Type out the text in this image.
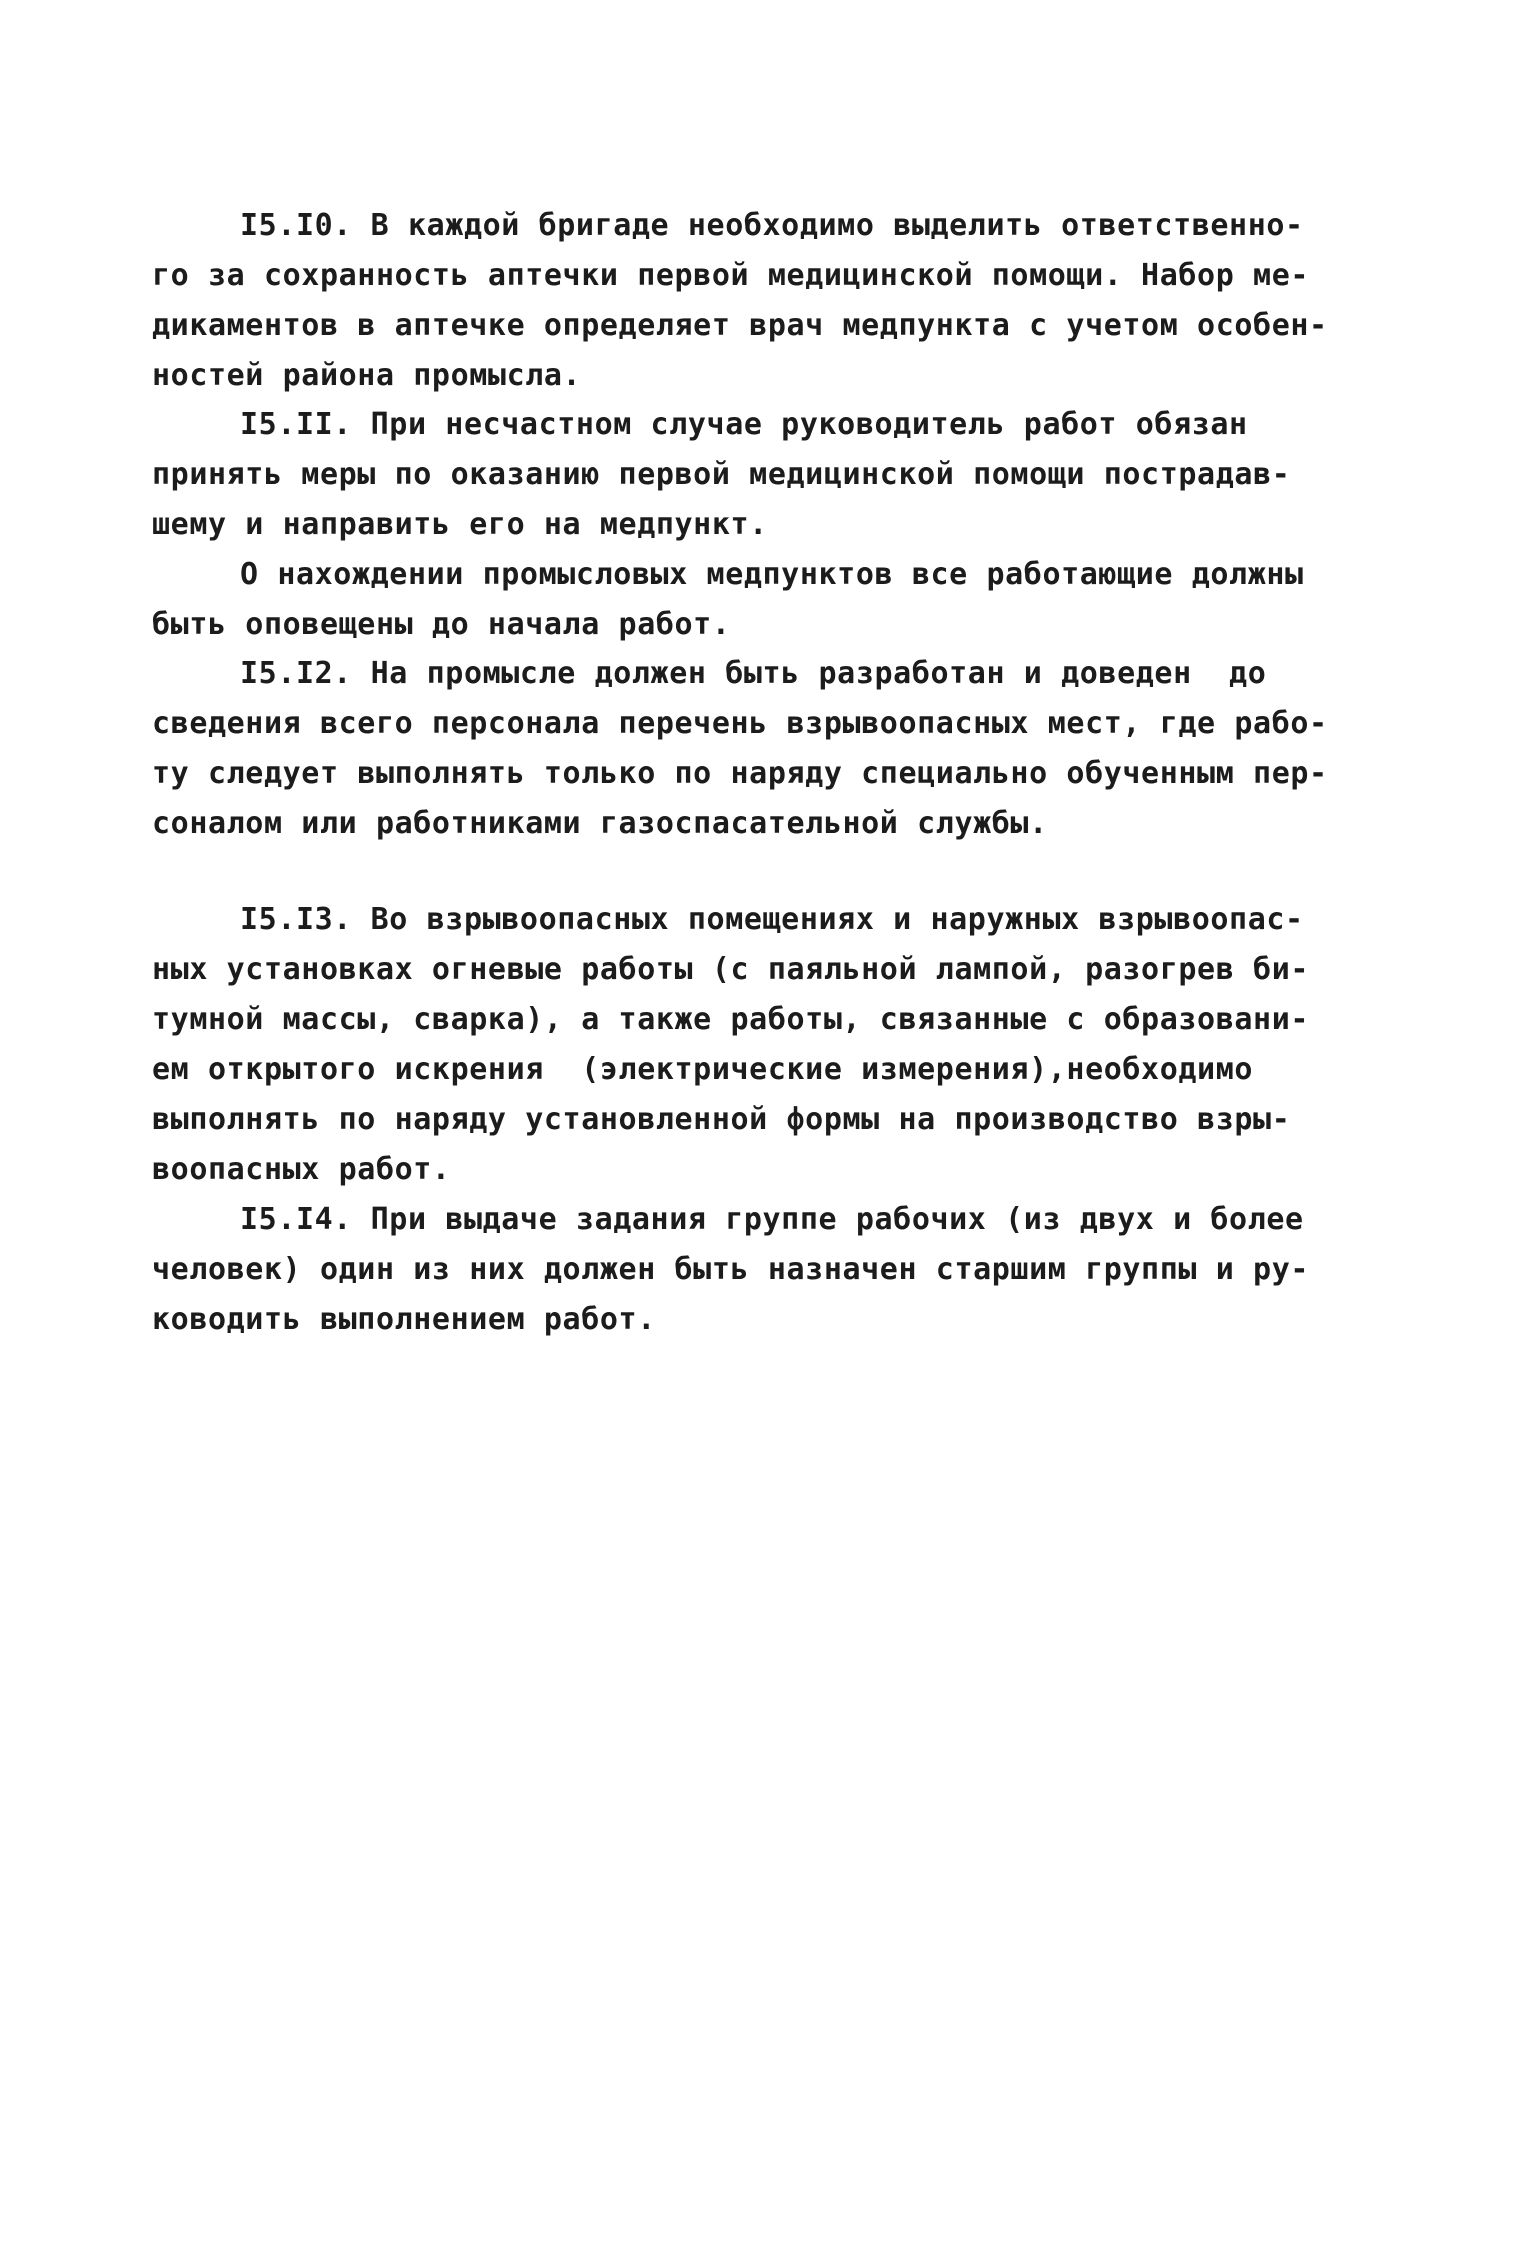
I5.I0. В каждой бригаде необходимо выделить ответственно-

го за сохранность аптечки первой медицинской помощи. Набор ме-

дикаментов в аптечке определяет врач медпункта с учетом особен-

ностей района промысла.

I5.II. При несчастном случае руководитель работ обязан

принять меры по оказанию первой медицинской помощи пострадав-

шему и направить его на медпункт.

О нахождении промысловых медпунктов все работающие должны

быть оповещены до начала работ.

I5.I2. На промысле должен быть разработан и доведен  до

сведения всего персонала перечень взрывоопасных мест, где рабо-

ту следует выполнять только по наряду специально обученным пер-

соналом или работниками газоспасательной службы.

I5.I3. Во взрывоопасных помещениях и наружных взрывоопас-

ных установках огневые работы (с паяльной лампой, разогрев би-

тумной массы, сварка), а также работы, связанные с образовани-

ем открытого искрения  (электрические измерения),необходимо

выполнять по наряду установленной формы на производство взры-

воопасных работ.

I5.I4. При выдаче задания группе рабочих (из двух и более

человек) один из них должен быть назначен старшим группы и ру-

ководить выполнением работ.
